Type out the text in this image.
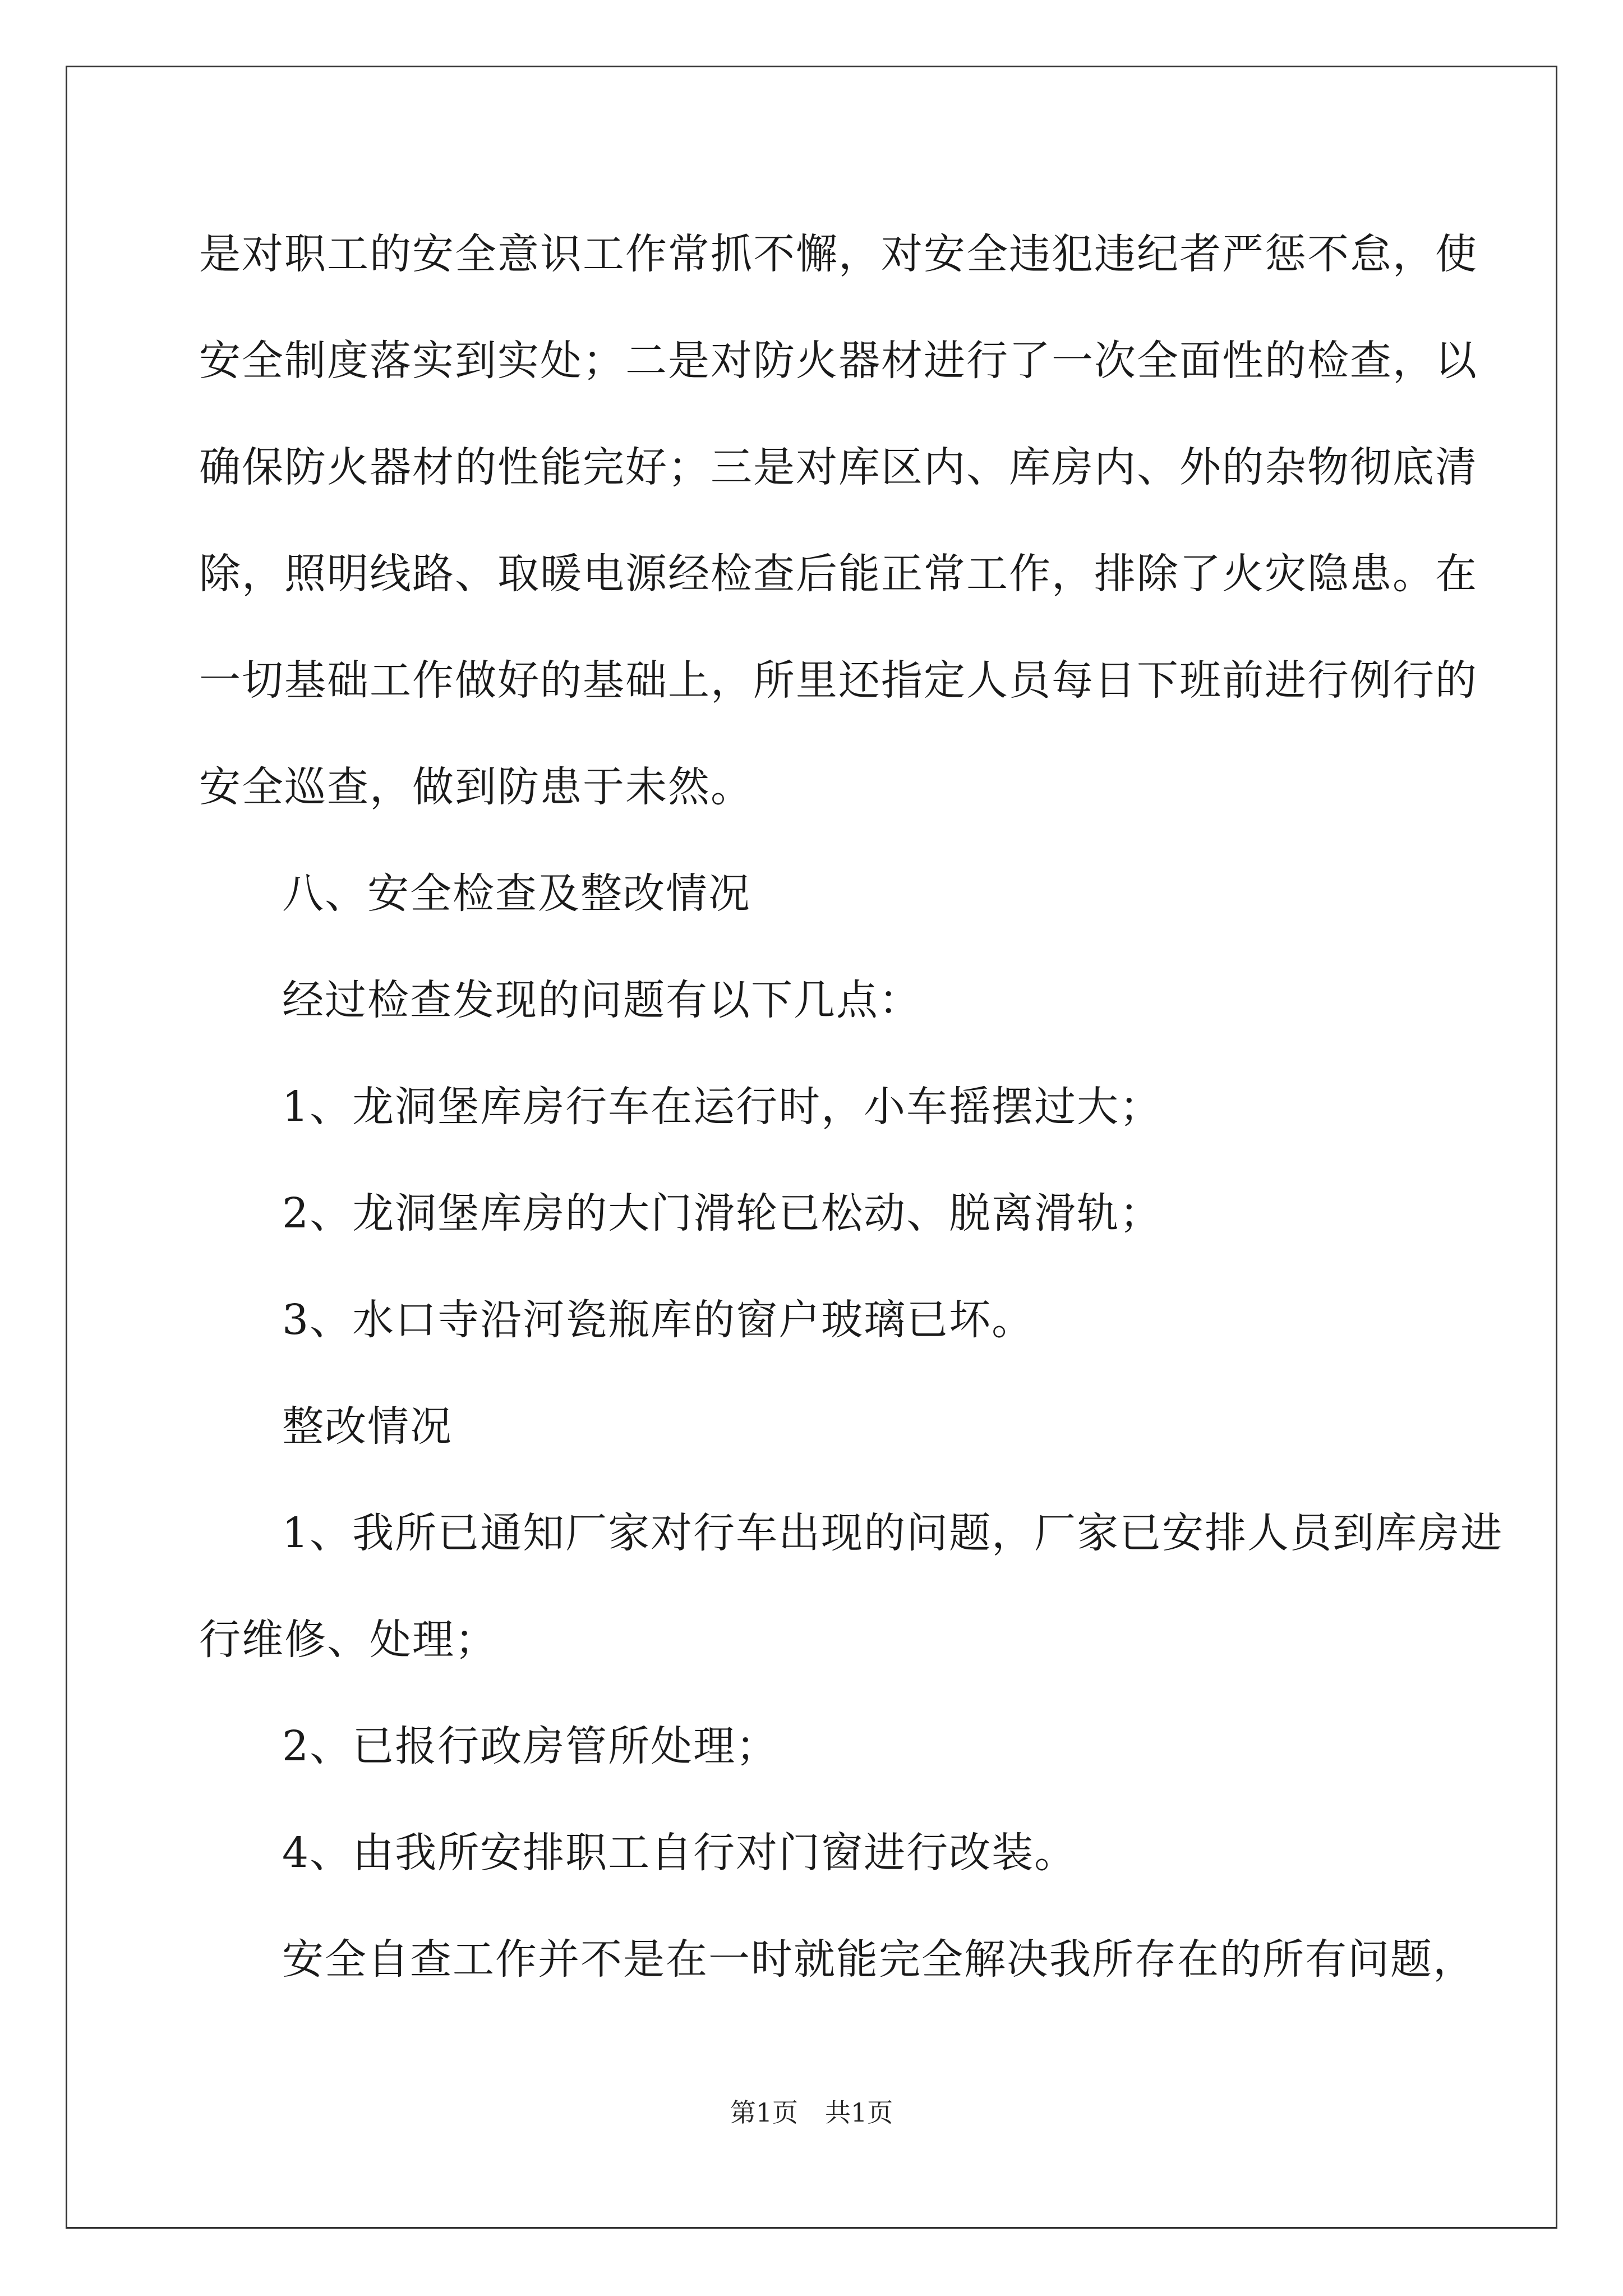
是对职工的安全意识工作常抓不懈，对安全违犯违纪者严惩不怠，使
安全制度落实到实处；二是对防火器材进行了一次全面性的检查，以
确保防火器材的性能完好；三是对库区内、库房内、外的杂物彻底清
除，照明线路、取暖电源经检查后能正常工作，排除了火灾隐患。在
一切基础工作做好的基础上，所里还指定人员每日下班前进行例行的
安全巡查，做到防患于未然。
八、安全检查及整改情况
经过检查发现的问题有以下几点：
1、龙洞堡库房行车在运行时，小车摇摆过大；
2、龙洞堡库房的大门滑轮已松动、脱离滑轨；
3、水口寺沿河瓷瓶库的窗户玻璃已坏。
整改情况
1、我所已通知厂家对行车出现的问题，厂家已安排人员到库房进
行维修、处理；
2、已报行政房管所处理；
4、由我所安排职工自行对门窗进行改装。
安全自查工作并不是在一时就能完全解决我所存在的所有问题，
第1页 共1页
